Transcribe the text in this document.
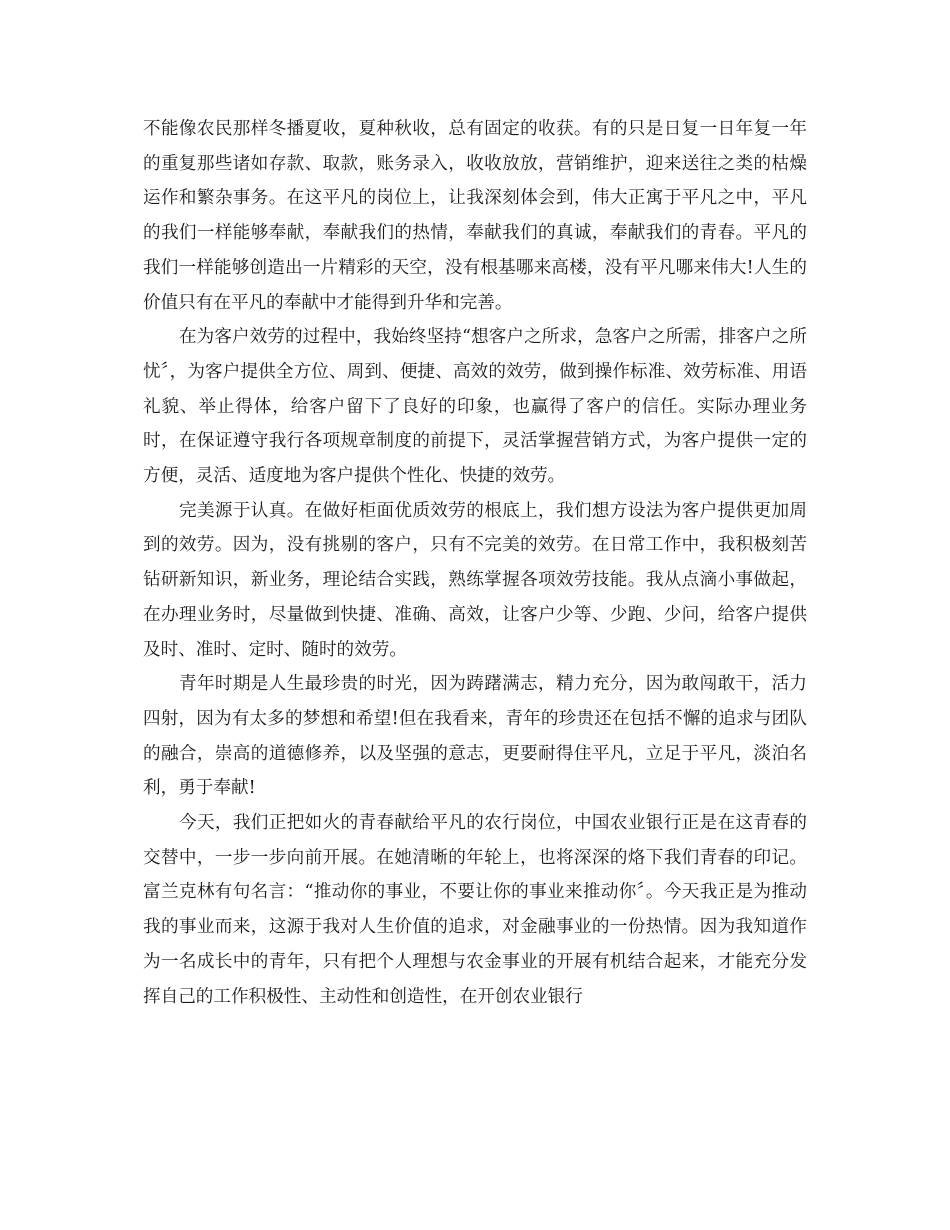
不能像农民那样冬播夏收，夏种秋收，总有固定的收获。有的只是日复一日年复一年的重复那些诸如存款、取款，账务录入，收收放放，营销维护，迎来送往之类的枯燥运作和繁杂事务。在这平凡的岗位上，让我深刻体会到，伟大正寓于平凡之中，平凡的我们一样能够奉献，奉献我们的热情，奉献我们的真诚，奉献我们的青春。平凡的我们一样能够创造出一片精彩的天空，没有根基哪来高楼，没有平凡哪来伟大!人生的价值只有在平凡的奉献中才能得到升华和完善。

在为客户效劳的过程中，我始终坚持“想客户之所求，急客户之所需，排客户之所忧〞，为客户提供全方位、周到、便捷、高效的效劳，做到操作标准、效劳标准、用语礼貌、举止得体，给客户留下了良好的印象，也赢得了客户的信任。实际办理业务时，在保证遵守我行各项规章制度的前提下，灵活掌握营销方式，为客户提供一定的方便，灵活、适度地为客户提供个性化、快捷的效劳。

完美源于认真。在做好柜面优质效劳的根底上，我们想方设法为客户提供更加周到的效劳。因为，没有挑剔的客户，只有不完美的效劳。在日常工作中，我积极刻苦钻研新知识，新业务，理论结合实践，熟练掌握各项效劳技能。我从点滴小事做起，在办理业务时，尽量做到快捷、准确、高效，让客户少等、少跑、少问，给客户提供及时、准时、定时、随时的效劳。

青年时期是人生最珍贵的时光，因为踌躇满志，精力充分，因为敢闯敢干，活力四射，因为有太多的梦想和希望!但在我看来，青年的珍贵还在包括不懈的追求与团队的融合，崇高的道德修养，以及坚强的意志，更要耐得住平凡，立足于平凡，淡泊名利，勇于奉献!

今天，我们正把如火的青春献给平凡的农行岗位，中国农业银行正是在这青春的交替中，一步一步向前开展。在她清晰的年轮上，也将深深的烙下我们青春的印记。富兰克林有句名言：“推动你的事业，不要让你的事业来推动你〞。今天我正是为推动我的事业而来，这源于我对人生价值的追求，对金融事业的一份热情。因为我知道作为一名成长中的青年，只有把个人理想与农金事业的开展有机结合起来，才能充分发挥自己的工作积极性、主动性和创造性，在开创农业银行
